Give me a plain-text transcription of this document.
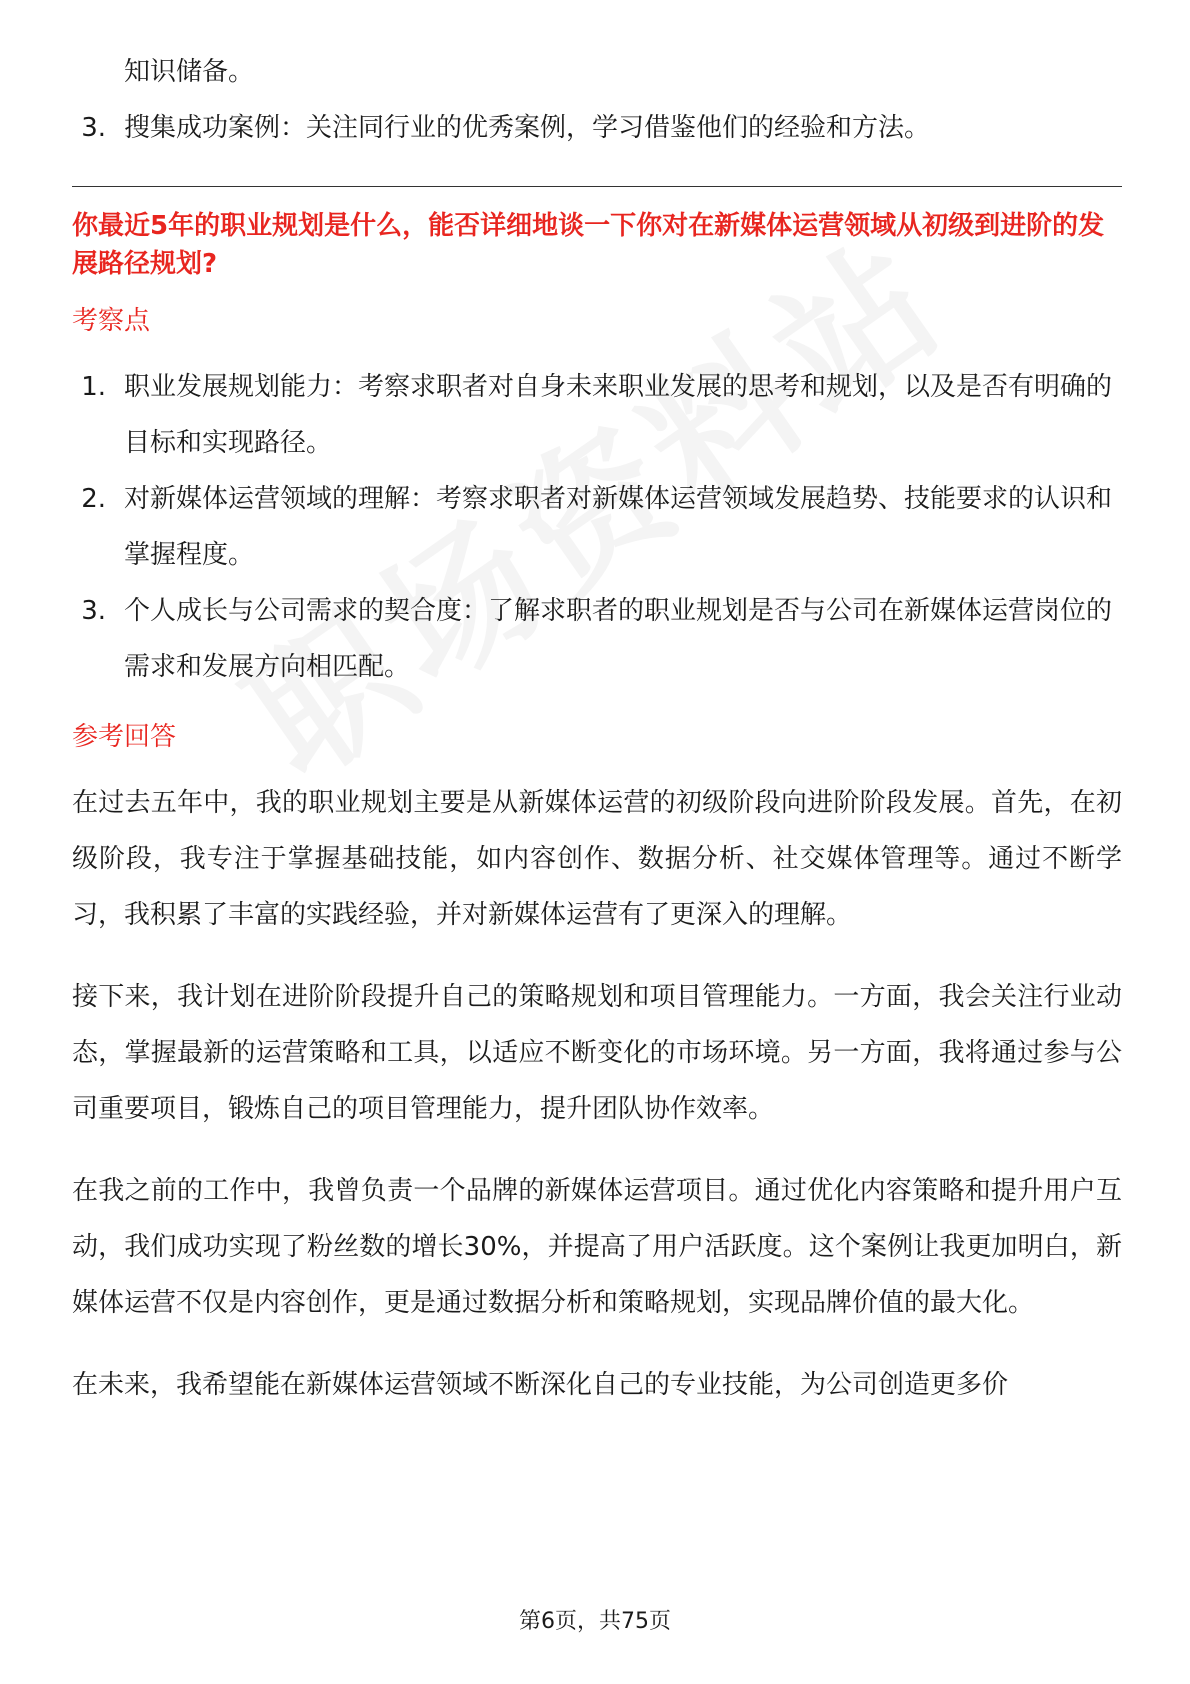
知识储备。
3. 搜集成功案例：关注同行业的优秀案例，学习借鉴他们的经验和方法。
你最近5年的职业规划是什么，能否详细地谈一下你对在新媒体运营领域从初级到进阶的发展路径规划?
考察点
1. 职业发展规划能力：考察求职者对自身未来职业发展的思考和规划，以及是否有明确的目标和实现路径。
2. 对新媒体运营领域的理解：考察求职者对新媒体运营领域发展趋势、技能要求的认识和掌握程度。
3. 个人成长与公司需求的契合度：了解求职者的职业规划是否与公司在新媒体运营岗位的需求和发展方向相匹配。
参考回答

在过去五年中，我的职业规划主要是从新媒体运营的初级阶段向进阶阶段发展。首先，在初级阶段，我专注于掌握基础技能，如内容创作、数据分析、社交媒体管理等。通过不断学习，我积累了丰富的实践经验，并对新媒体运营有了更深入的理解。

接下来，我计划在进阶阶段提升自己的策略规划和项目管理能力。一方面，我会关注行业动态，掌握最新的运营策略和工具，以适应不断变化的市场环境。另一方面，我将通过参与公司重要项目，锻炼自己的项目管理能力，提升团队协作效率。

在我之前的工作中，我曾负责一个品牌的新媒体运营项目。通过优化内容策略和提升用户互动，我们成功实现了粉丝数的增长30%，并提高了用户活跃度。这个案例让我更加明白，新媒体运营不仅是内容创作，更是通过数据分析和策略规划，实现品牌价值的最大化。

在未来，我希望能在新媒体运营领域不断深化自己的专业技能，为公司创造更多价

第6页，共75页
